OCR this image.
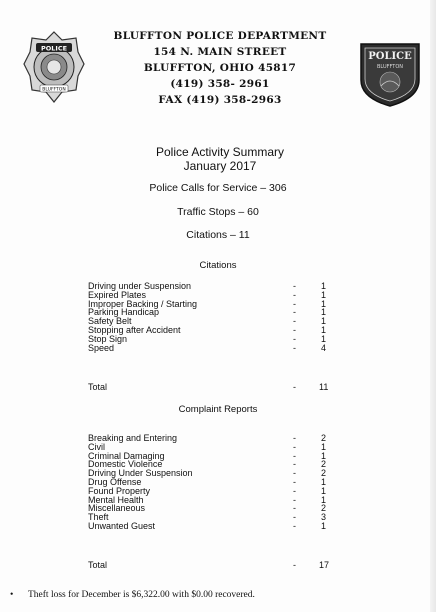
POLICE
BLUFFTON
BLUFFTON POLICE DEPARTMENT
154 N. MAIN STREET
BLUFFTON, OHIO 45817
(419) 358- 2961
FAX (419) 358-2963
POLICE
BLUFFTON
Police Activity Summary
January 2017
Police Calls for Service – 306
Traffic Stops – 60
Citations – 11
Citations
Driving under Suspension	-	1
Expired Plates	-	1
Improper Backing / Starting	-	1
Parking Handicap	-	1
Safety Belt	-	1
Stopping after Accident	-	1
Stop Sign	-	1
Speed	-	4
Total	-	11
Complaint Reports
Breaking and Entering	-	2
Civil	-	1
Criminal Damaging	-	1
Domestic Violence	-	2
Driving Under Suspension	-	2
Drug Offense	-	1
Found Property	-	1
Mental Health	-	1
Miscellaneous	-	2
Theft	-	3
Unwanted Guest	-	1
Total	-	17
• Theft loss for December is $6,322.00 with $0.00 recovered.
